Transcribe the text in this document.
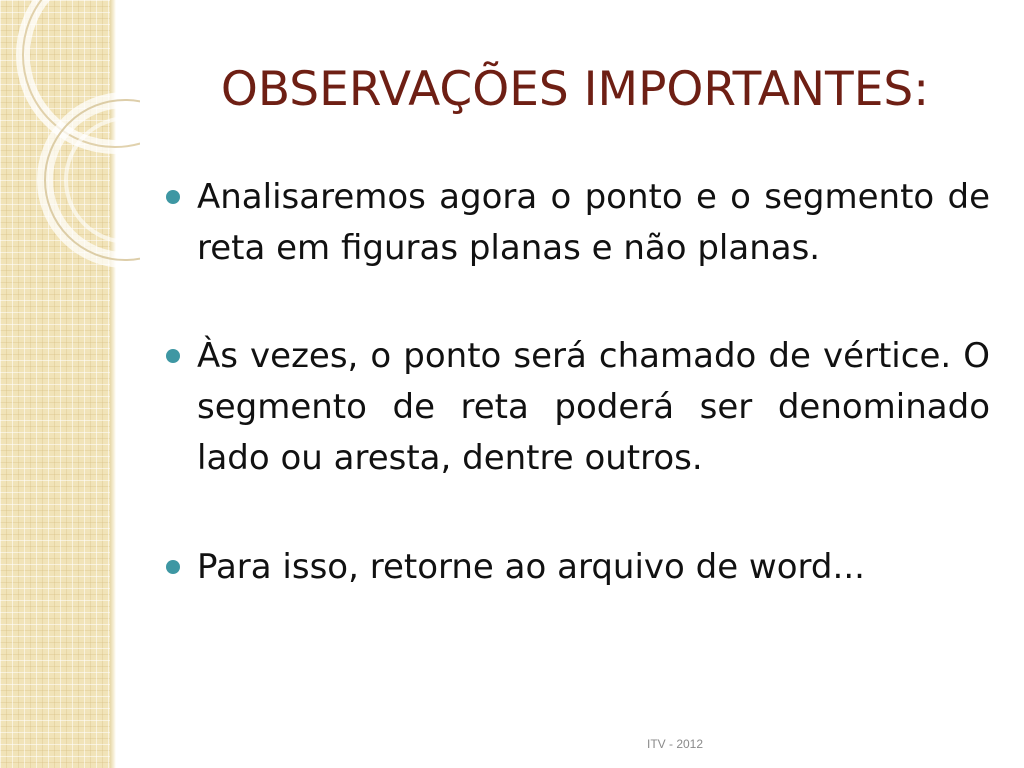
OBSERVAÇÕES IMPORTANTES:
Analisaremos agora o ponto e o segmento de reta em figuras planas e não planas.
Às vezes, o ponto será chamado de vértice. O segmento de reta poderá ser denominado lado ou aresta, dentre outros.
Para isso, retorne ao arquivo de word...
ITV - 2012
